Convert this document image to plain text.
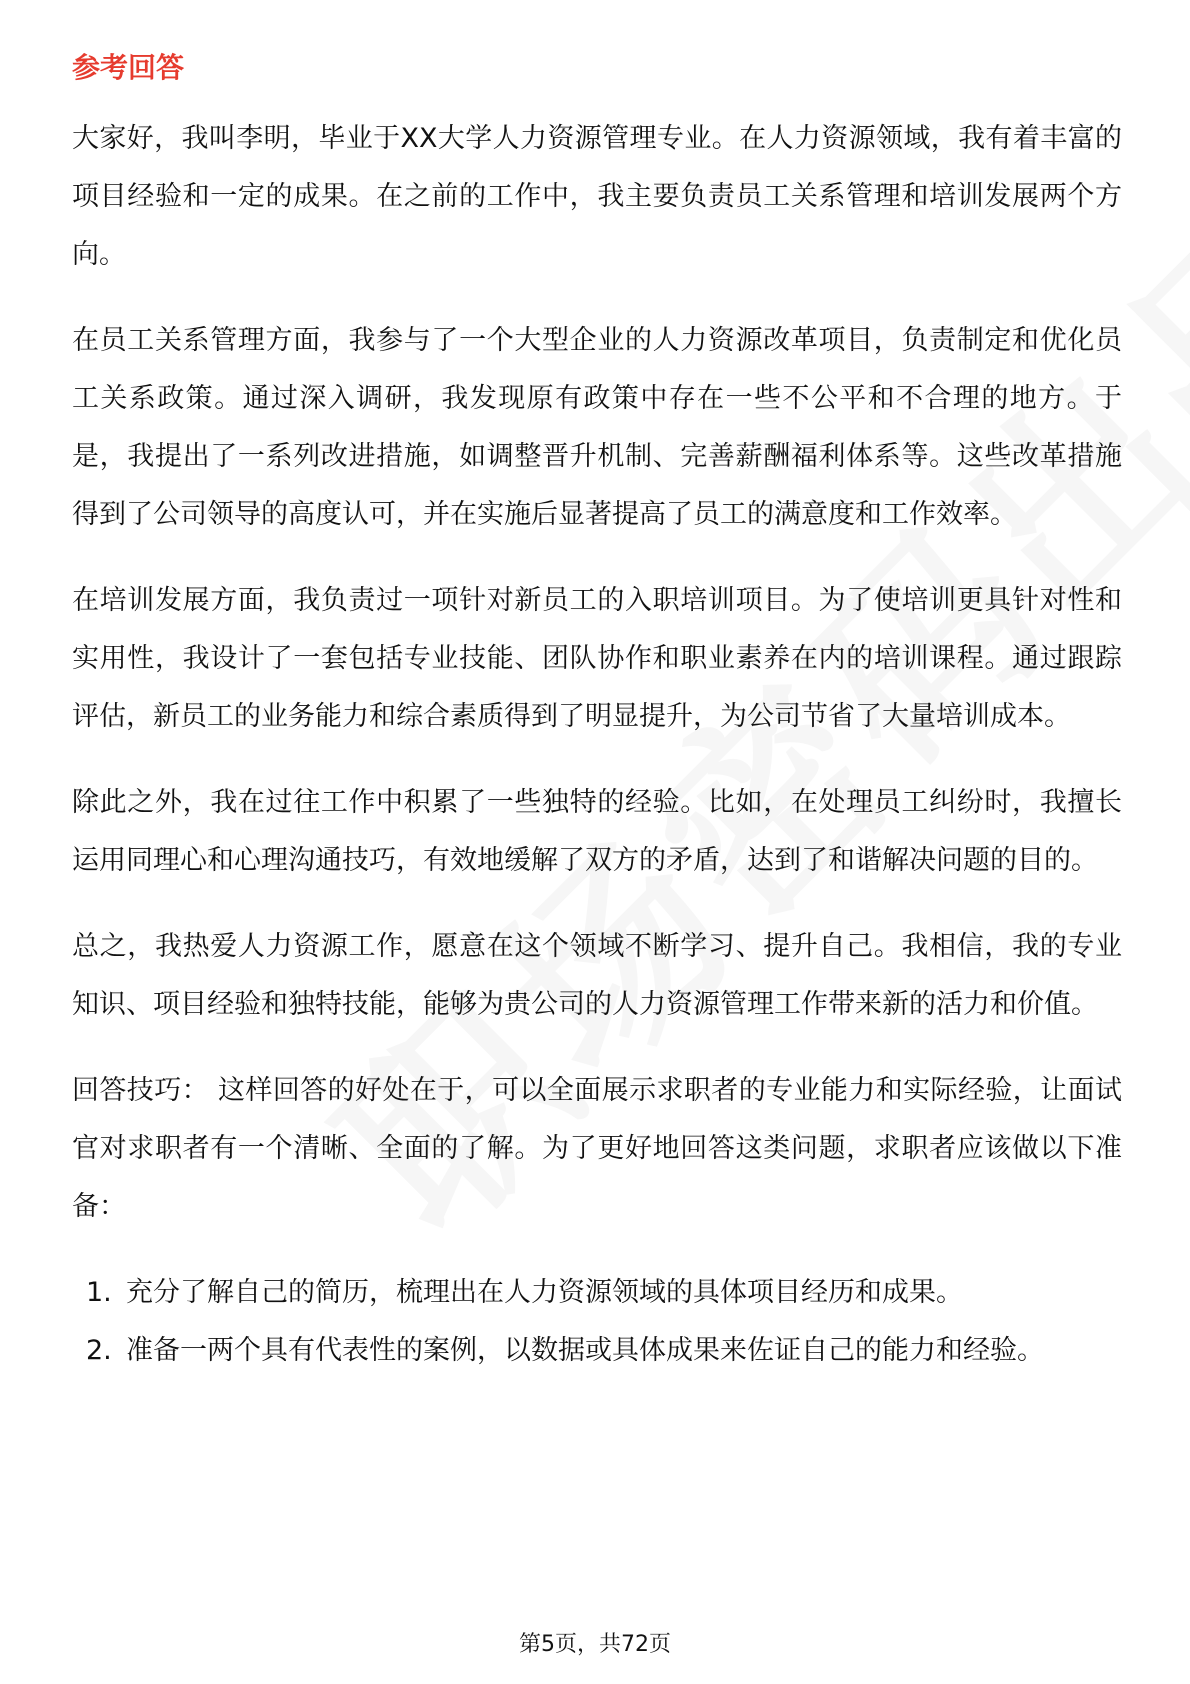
参考回答

大家好，我叫李明，毕业于XX大学人力资源管理专业。在人力资源领域，我有着丰富的项目经验和一定的成果。在之前的工作中，我主要负责员工关系管理和培训发展两个方向。

在员工关系管理方面，我参与了一个大型企业的人力资源改革项目，负责制定和优化员工关系政策。通过深入调研，我发现原有政策中存在一些不公平和不合理的地方。于是，我提出了一系列改进措施，如调整晋升机制、完善薪酬福利体系等。这些改革措施得到了公司领导的高度认可，并在实施后显著提高了员工的满意度和工作效率。

在培训发展方面，我负责过一项针对新员工的入职培训项目。为了使培训更具针对性和实用性，我设计了一套包括专业技能、团队协作和职业素养在内的培训课程。通过跟踪评估，新员工的业务能力和综合素质得到了明显提升，为公司节省了大量培训成本。

除此之外，我在过往工作中积累了一些独特的经验。比如，在处理员工纠纷时，我擅长运用同理心和心理沟通技巧，有效地缓解了双方的矛盾，达到了和谐解决问题的目的。

总之，我热爱人力资源工作，愿意在这个领域不断学习、提升自己。我相信，我的专业知识、项目经验和独特技能，能够为贵公司的人力资源管理工作带来新的活力和价值。

回答技巧： 这样回答的好处在于，可以全面展示求职者的专业能力和实际经验，让面试官对求职者有一个清晰、全面的了解。为了更好地回答这类问题，求职者应该做以下准备：

1. 充分了解自己的简历，梳理出在人力资源领域的具体项目经历和成果。
2. 准备一两个具有代表性的案例，以数据或具体成果来佐证自己的能力和经验。
第5页，共72页
